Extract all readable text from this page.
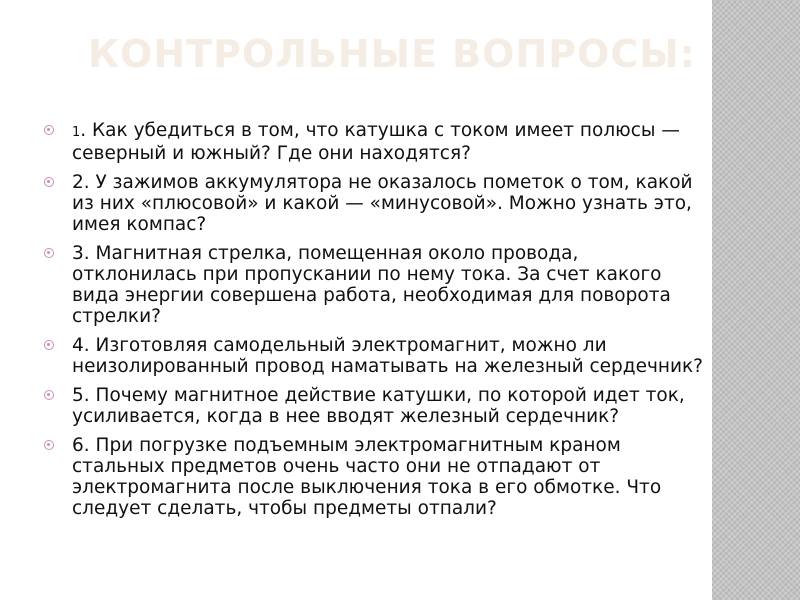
КОНТРОЛЬНЫЕ ВОПРОСЫ:
1. Как убедиться в том, что катушка с током имеет полюсы — северный и южный? Где они находятся?
2. У зажимов аккумулятора не оказалось пометок о том, какой из них «плюсовой» и какой — «минусовой». Можно узнать это, имея компас?
3. Магнитная стрелка, помещенная около провода, отклонилась при пропускании по нему тока. За счет какого вида энергии совершена работа, необходимая для поворота стрелки?
4. Изготовляя самодельный электромагнит, можно ли неизолированный провод наматывать на железный сердечник?
5. Почему магнитное действие катушки, по которой идет ток, усиливается, когда в нее вводят железный сердечник?
6. При погрузке подъемным электромагнитным краном стальных предметов очень часто они не отпадают от электромагнита после выключения тока в его обмотке. Что следует сделать, чтобы предметы отпали?
